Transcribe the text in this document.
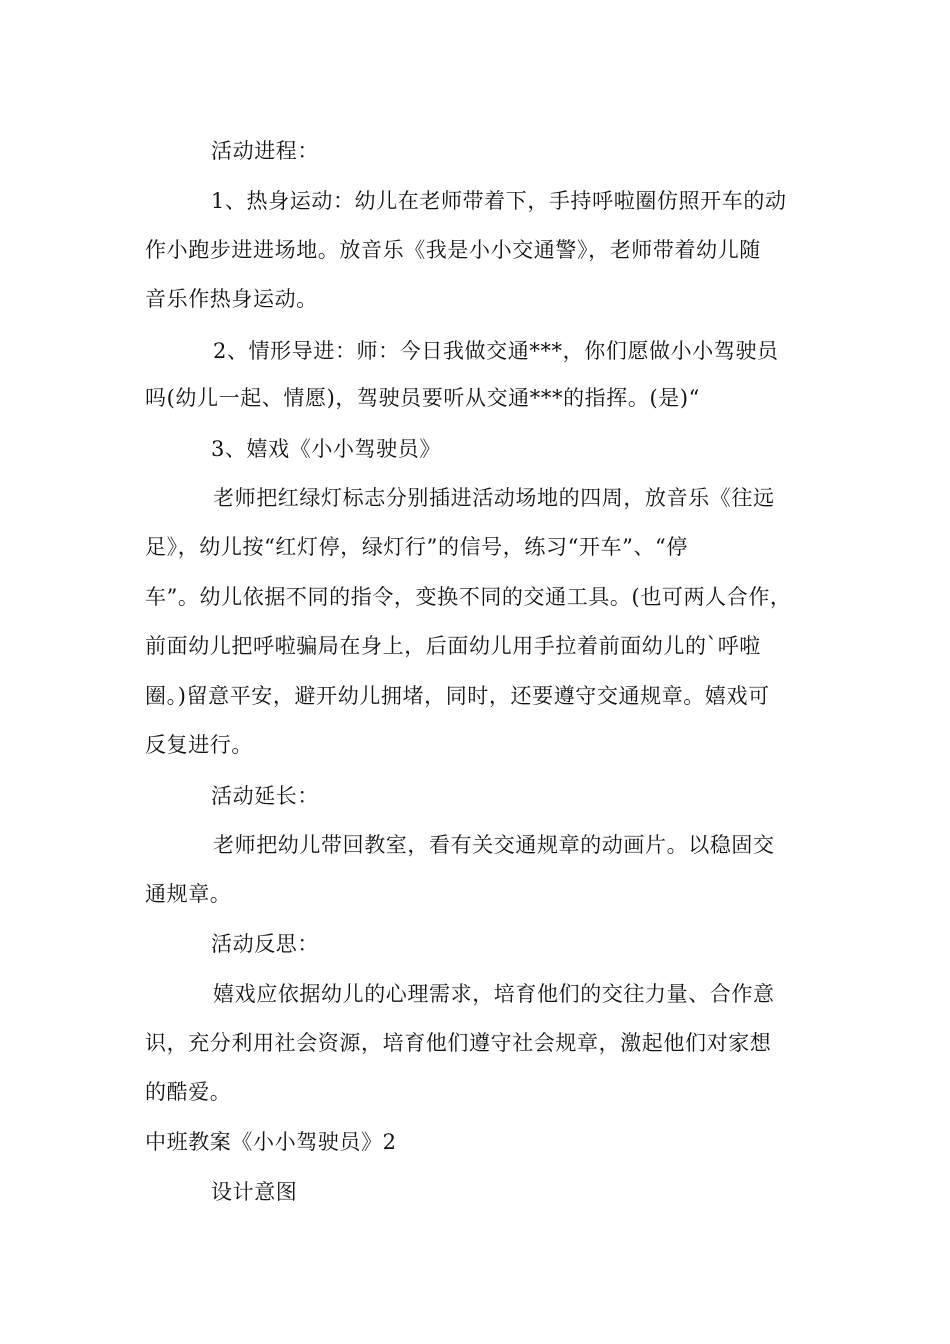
活动进程：
1、热身运动：幼儿在老师带着下，手持呼啦圈仿照开车的动
作小跑步进进场地。放音乐《我是小小交通警》，老师带着幼儿随
音乐作热身运动。
2、情形导进：师：今日我做交通***，你们愿做小小驾驶员
吗(幼儿一起、情愿)，驾驶员要听从交通***的指挥。(是)“
3、嬉戏《小小驾驶员》
老师把红绿灯标志分别插进活动场地的四周，放音乐《往远
足》，幼儿按“红灯停，绿灯行”的信号，练习“开车”、“停
车”。幼儿依据不同的指令，变换不同的交通工具。(也可两人合作，
前面幼儿把呼啦骗局在身上，后面幼儿用手拉着前面幼儿的`呼啦
圈。)留意平安，避开幼儿拥堵，同时，还要遵守交通规章。嬉戏可
反复进行。
活动延长：
老师把幼儿带回教室，看有关交通规章的动画片。以稳固交
通规章。
活动反思：
嬉戏应依据幼儿的心理需求，培育他们的交往力量、合作意
识，充分利用社会资源，培育他们遵守社会规章，激起他们对家想
的酷爱。
中班教案《小小驾驶员》2
设计意图
